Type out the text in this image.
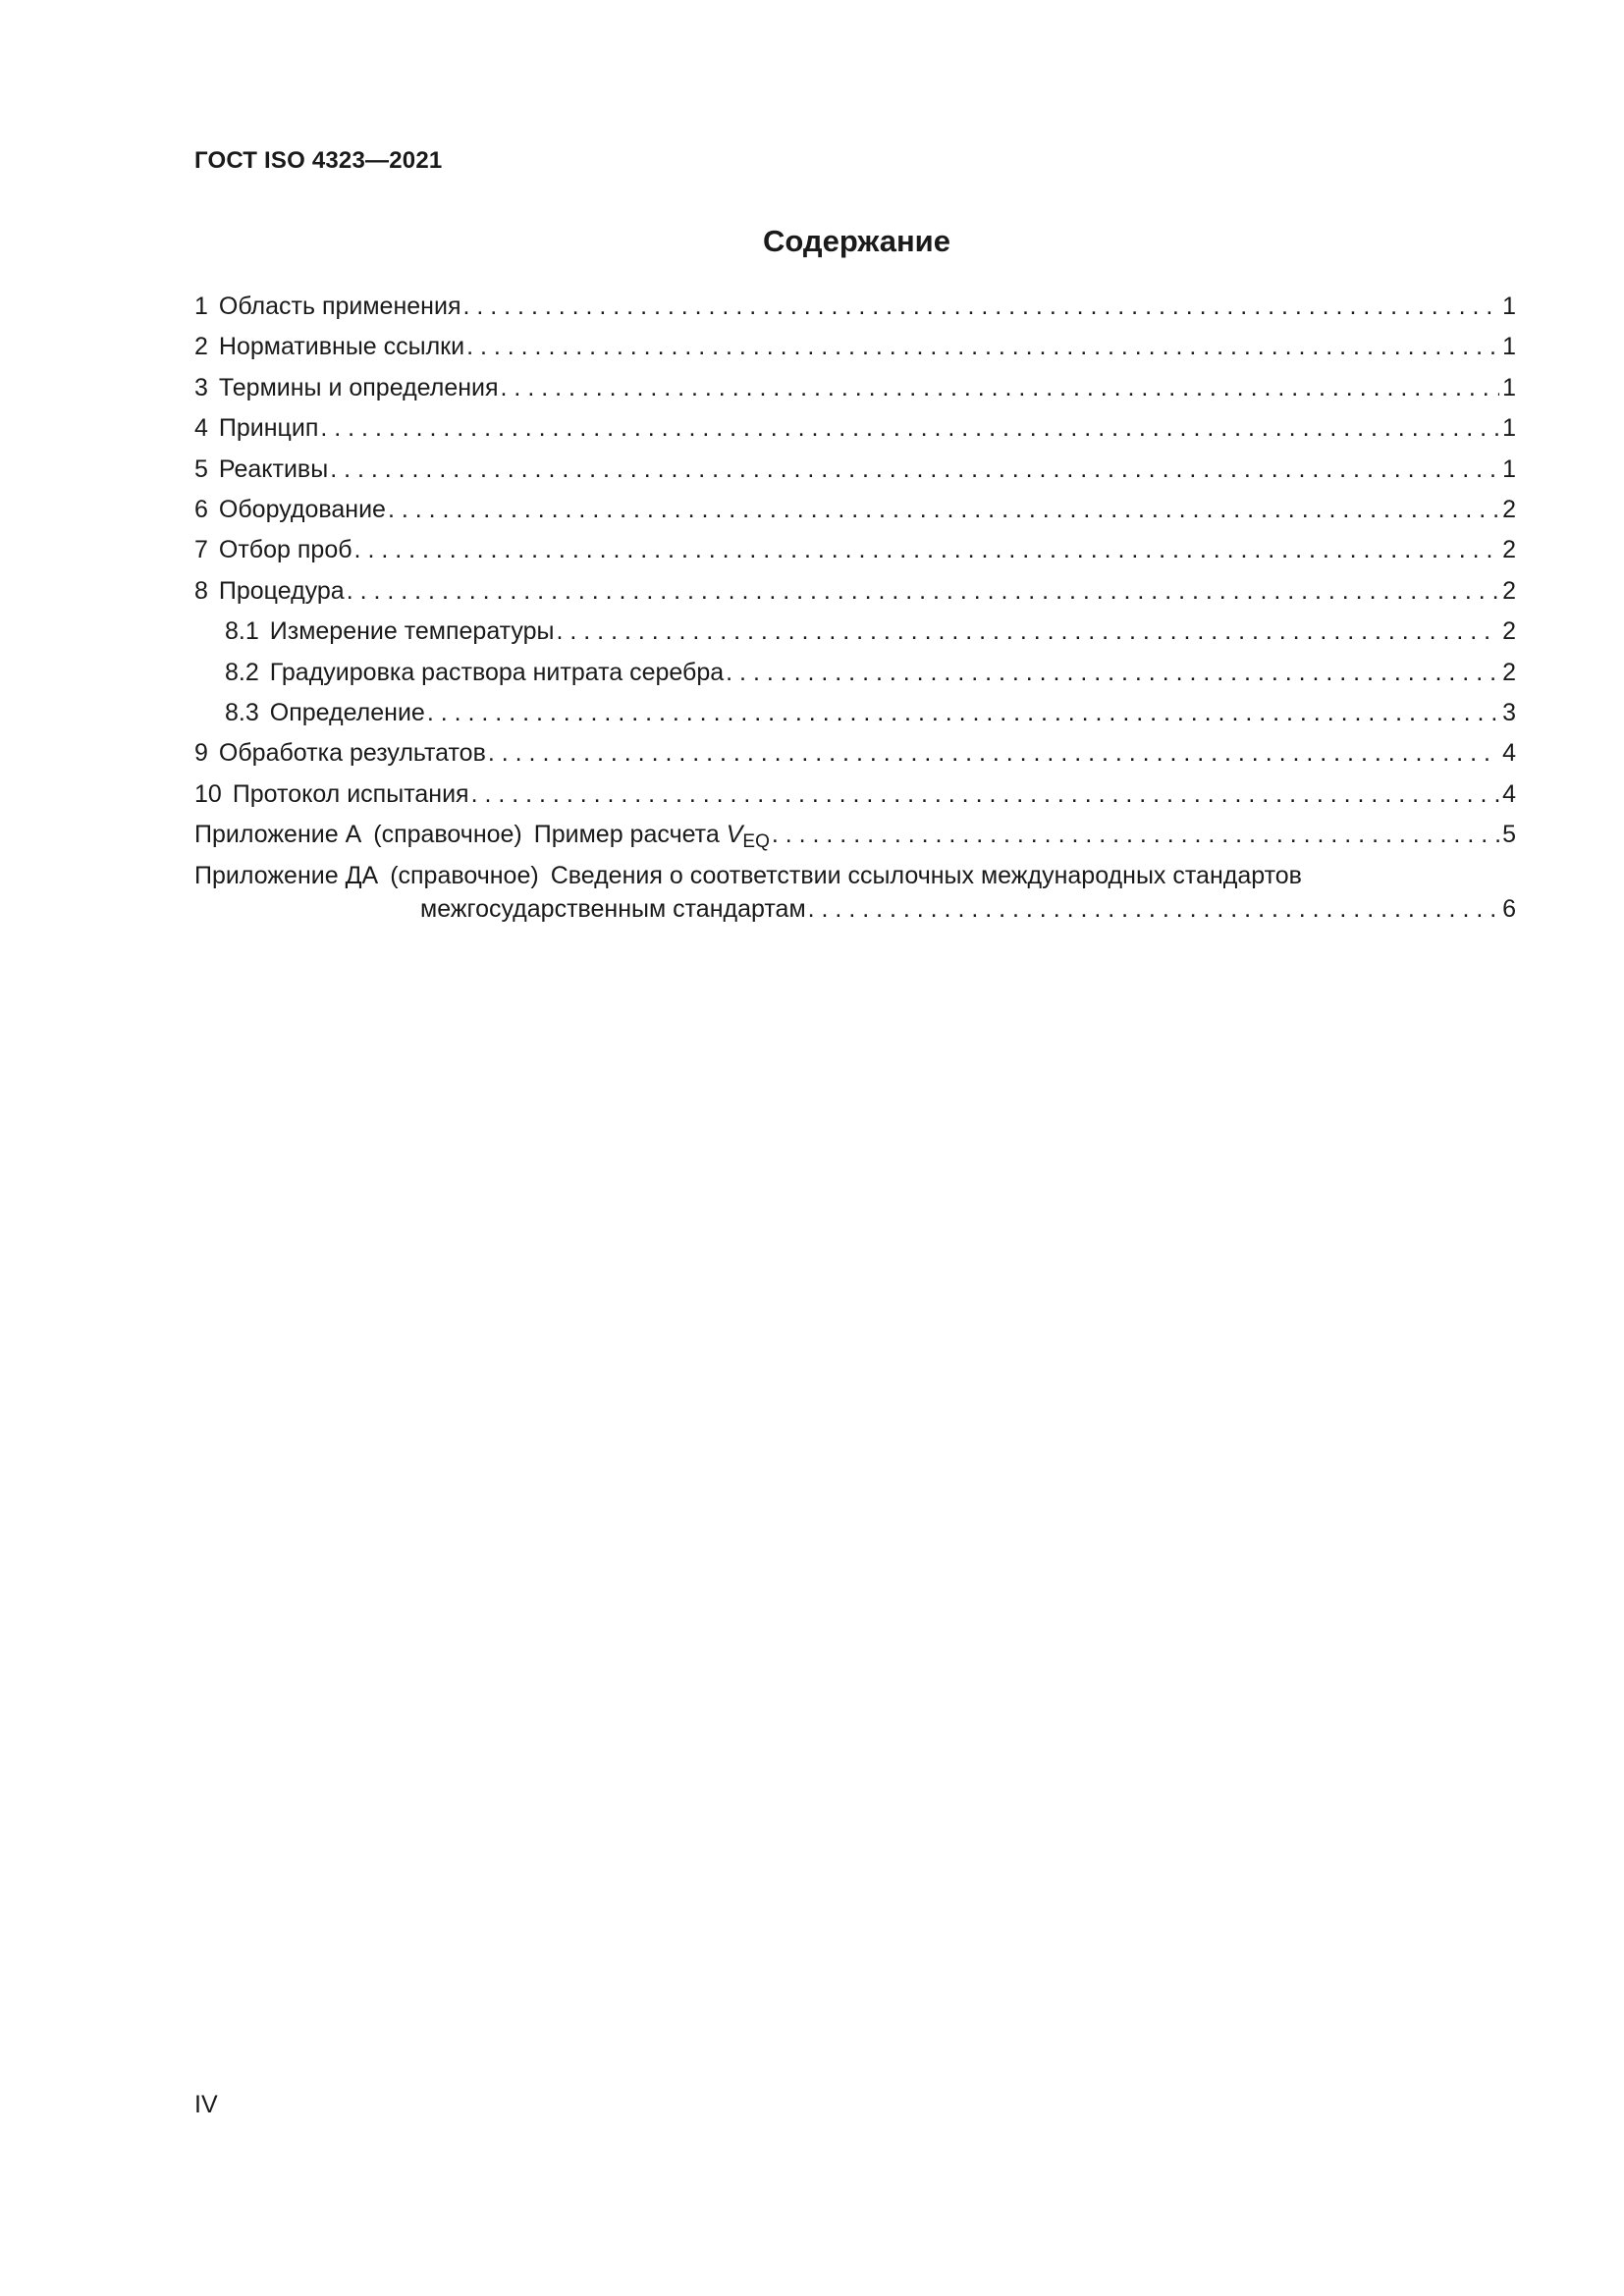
ГОСТ ISO 4323—2021
Содержание
1 Область применения . . .	1
2 Нормативные ссылки . . .	1
3 Термины и определения . . .	1
4 Принцип . . .	1
5 Реактивы . . .	1
6 Оборудование . . .	2
7 Отбор проб . . .	2
8 Процедура . . .	2
8.1 Измерение температуры . . .	2
8.2 Градуировка раствора нитрата серебра . . .	2
8.3 Определение . . .	3
9 Обработка результатов . . .	4
10 Протокол испытания . . .	4
Приложение А (справочное) Пример расчета $V_{EQ}$ . . .	5
Приложение ДА (справочное) Сведения о соответствии ссылочных международных стандартов
межгосударственным стандартам . . .	6
IV
